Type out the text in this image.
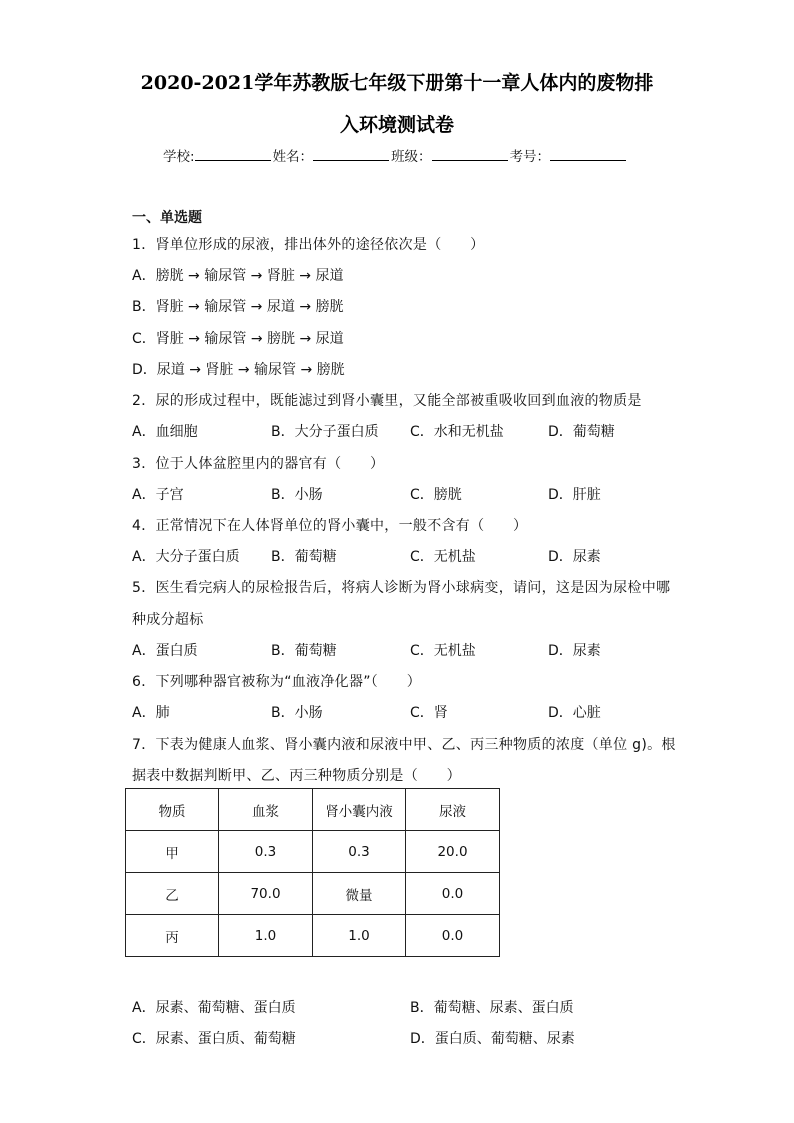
2020-2021学年苏教版七年级下册第十一章人体内的废物排
入环境测试卷
学校:	姓名：	班级：	考号：
一、单选题
1．肾单位形成的尿液，排出体外的途径依次是（　　）
A．膀胱 → 输尿管 → 肾脏 → 尿道
B．肾脏 → 输尿管 → 尿道 → 膀胱
C．肾脏 → 输尿管 → 膀胱 → 尿道
D．尿道 → 肾脏 → 输尿管 → 膀胱
2．尿的形成过程中，既能滤过到肾小囊里，又能全部被重吸收回到血液的物质是
A．血细胞	B．大分子蛋白质 C．水和无机盐	D．葡萄糖
3．位于人体盆腔里内的器官有（　　）
A．子宫	B．小肠	C．膀胱	D．肝脏
4．正常情况下在人体肾单位的肾小囊中，一般不含有（　　）
A．大分子蛋白质 B．葡萄糖	C．无机盐	D．尿素
5．医生看完病人的尿检报告后，将病人诊断为肾小球病变，请问，这是因为尿检中哪
种成分超标
A．蛋白质	B．葡萄糖	C．无机盐	D．尿素
6．下列哪种器官被称为“血液净化器”（　　）
A．肺	B．小肠	C．肾	D．心脏
7．下表为健康人血浆、肾小囊内液和尿液中甲、乙、丙三种物质的浓度（单位 g)。根
据表中数据判断甲、乙、丙三种物质分别是（　　）
物质	血浆	肾小囊内液	尿液
甲	0.3	0.3	20.0
乙	70.0	微量	0.0
丙	1.0	1.0	0.0
A．尿素、葡萄糖、蛋白质	B．葡萄糖、尿素、蛋白质
C．尿素、蛋白质、葡萄糖	D．蛋白质、葡萄糖、尿素
